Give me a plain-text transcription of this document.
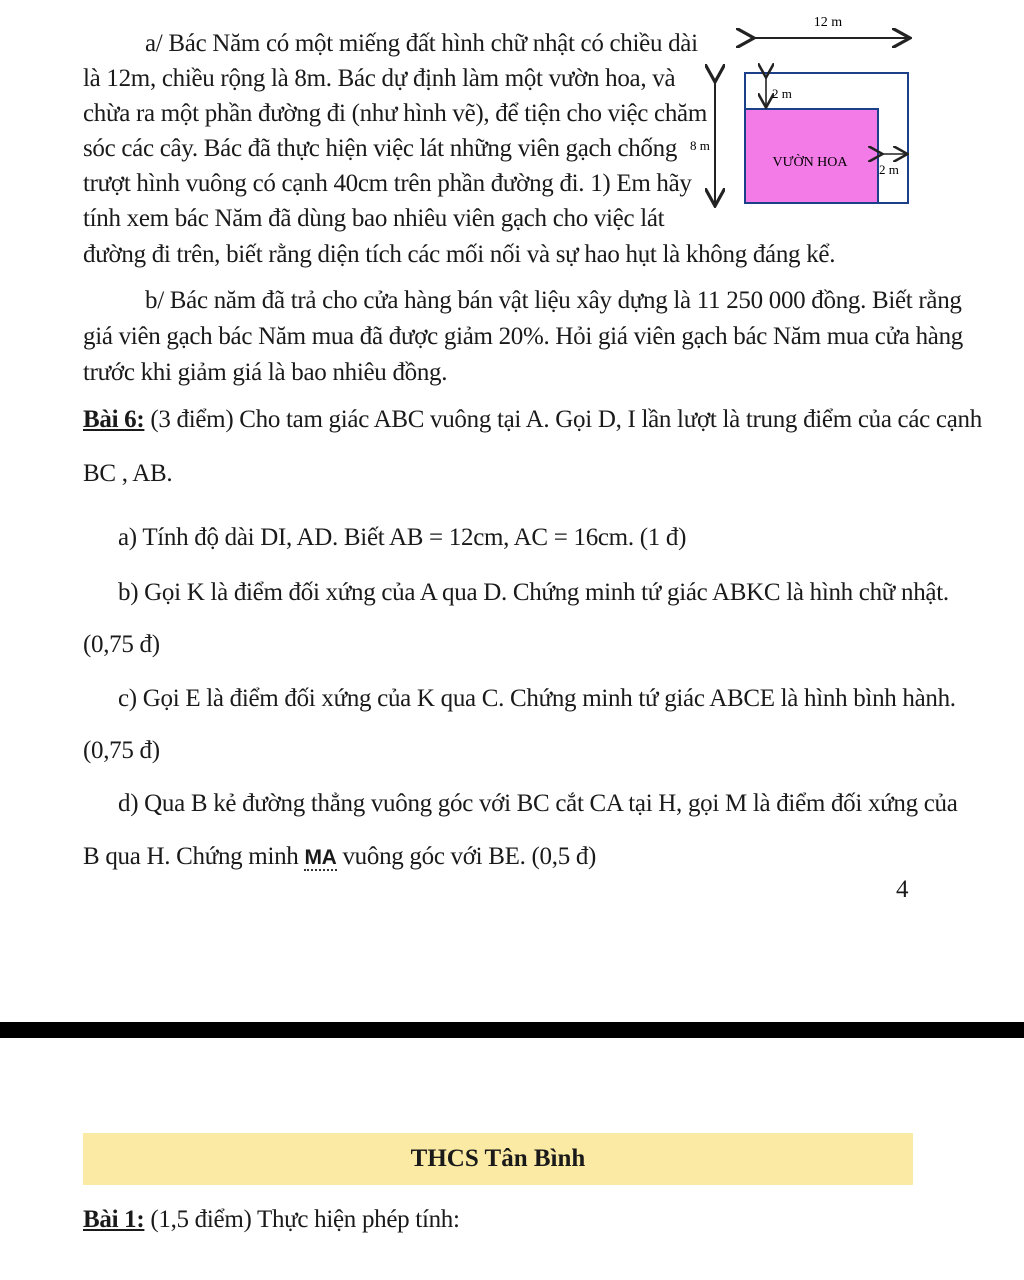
a/ Bác Năm có một miếng đất hình chữ nhật có chiều dài
là 12m, chiều rộng là 8m. Bác dự định làm một vườn hoa, và
chừa ra một phần đường đi (như hình vẽ), để tiện cho việc chăm
sóc các cây. Bác đã thực hiện việc lát những viên gạch chống
trượt hình vuông có cạnh 40cm trên phần đường đi. 1) Em hãy
tính xem bác Năm đã dùng bao nhiêu viên gạch cho việc lát
đường đi trên, biết rằng diện tích các mối nối và sự hao hụt là không đáng kể.
12 m
8 m
VƯỜN HOA
2 m
2 m
b/ Bác năm đã trả cho cửa hàng bán vật liệu xây dựng là 11 250 000 đồng. Biết rằng
giá viên gạch bác Năm mua đã được giảm 20%. Hỏi giá viên gạch bác Năm mua cửa hàng
trước khi giảm giá là bao nhiêu đồng.
Bài 6: (3 điểm) Cho tam giác ABC vuông tại A. Gọi D, I lần lượt là trung điểm của các cạnh
BC , AB.
a) Tính độ dài DI, AD. Biết AB = 12cm, AC = 16cm. (1 đ)
b) Gọi K là điểm đối xứng của A qua D. Chứng minh tứ giác ABKC là hình chữ nhật.
(0,75 đ)
c) Gọi E là điểm đối xứng của K qua C. Chứng minh tứ giác ABCE là hình bình hành.
(0,75 đ)
d) Qua B kẻ đường thẳng vuông góc với BC cắt CA tại H, gọi M là điểm đối xứng của
B qua H. Chứng minh MA vuông góc với BE. (0,5 đ)
4
THCS Tân Bình
Bài 1: (1,5 điểm) Thực hiện phép tính:
